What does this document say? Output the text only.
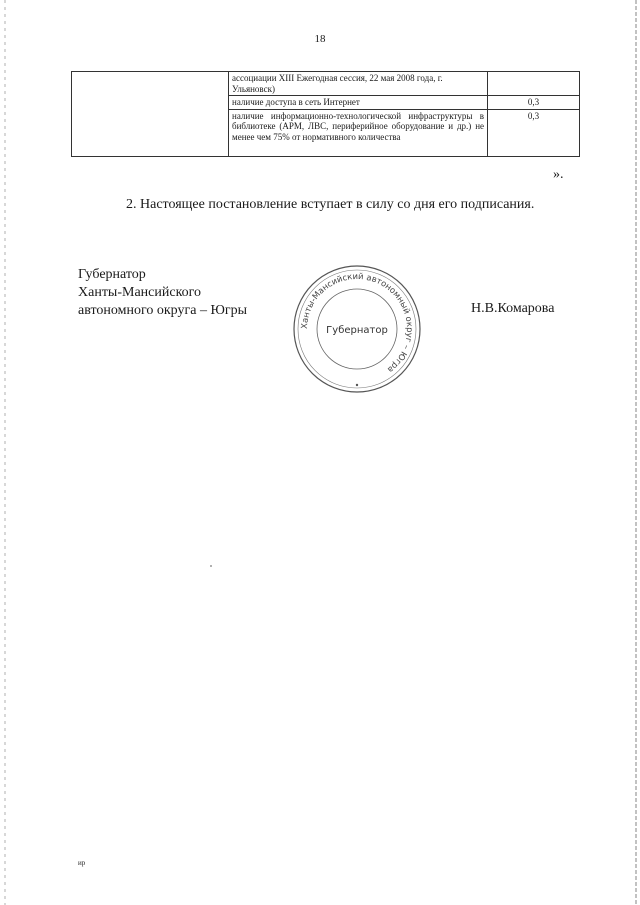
18
	ассоциации XIII Ежегодная сессия, 22 мая 2008 года, г. Ульяновск)	
	наличие доступа в сеть Интернет	0,3

	наличие информационно-технологической инфраструктуры в библиотеке (АРМ, ЛВС, периферийное оборудование и др.) не менее чем 75% от нормативного количества	0,3
».
2. Настоящее постановление вступает в силу со дня его подписания.
Губернатор
Ханты-Мансийского
автономного округа – Югры	Н.В.Комарова
Ханты-Мансийский автономный округ – Югра
Губернатор
ир
